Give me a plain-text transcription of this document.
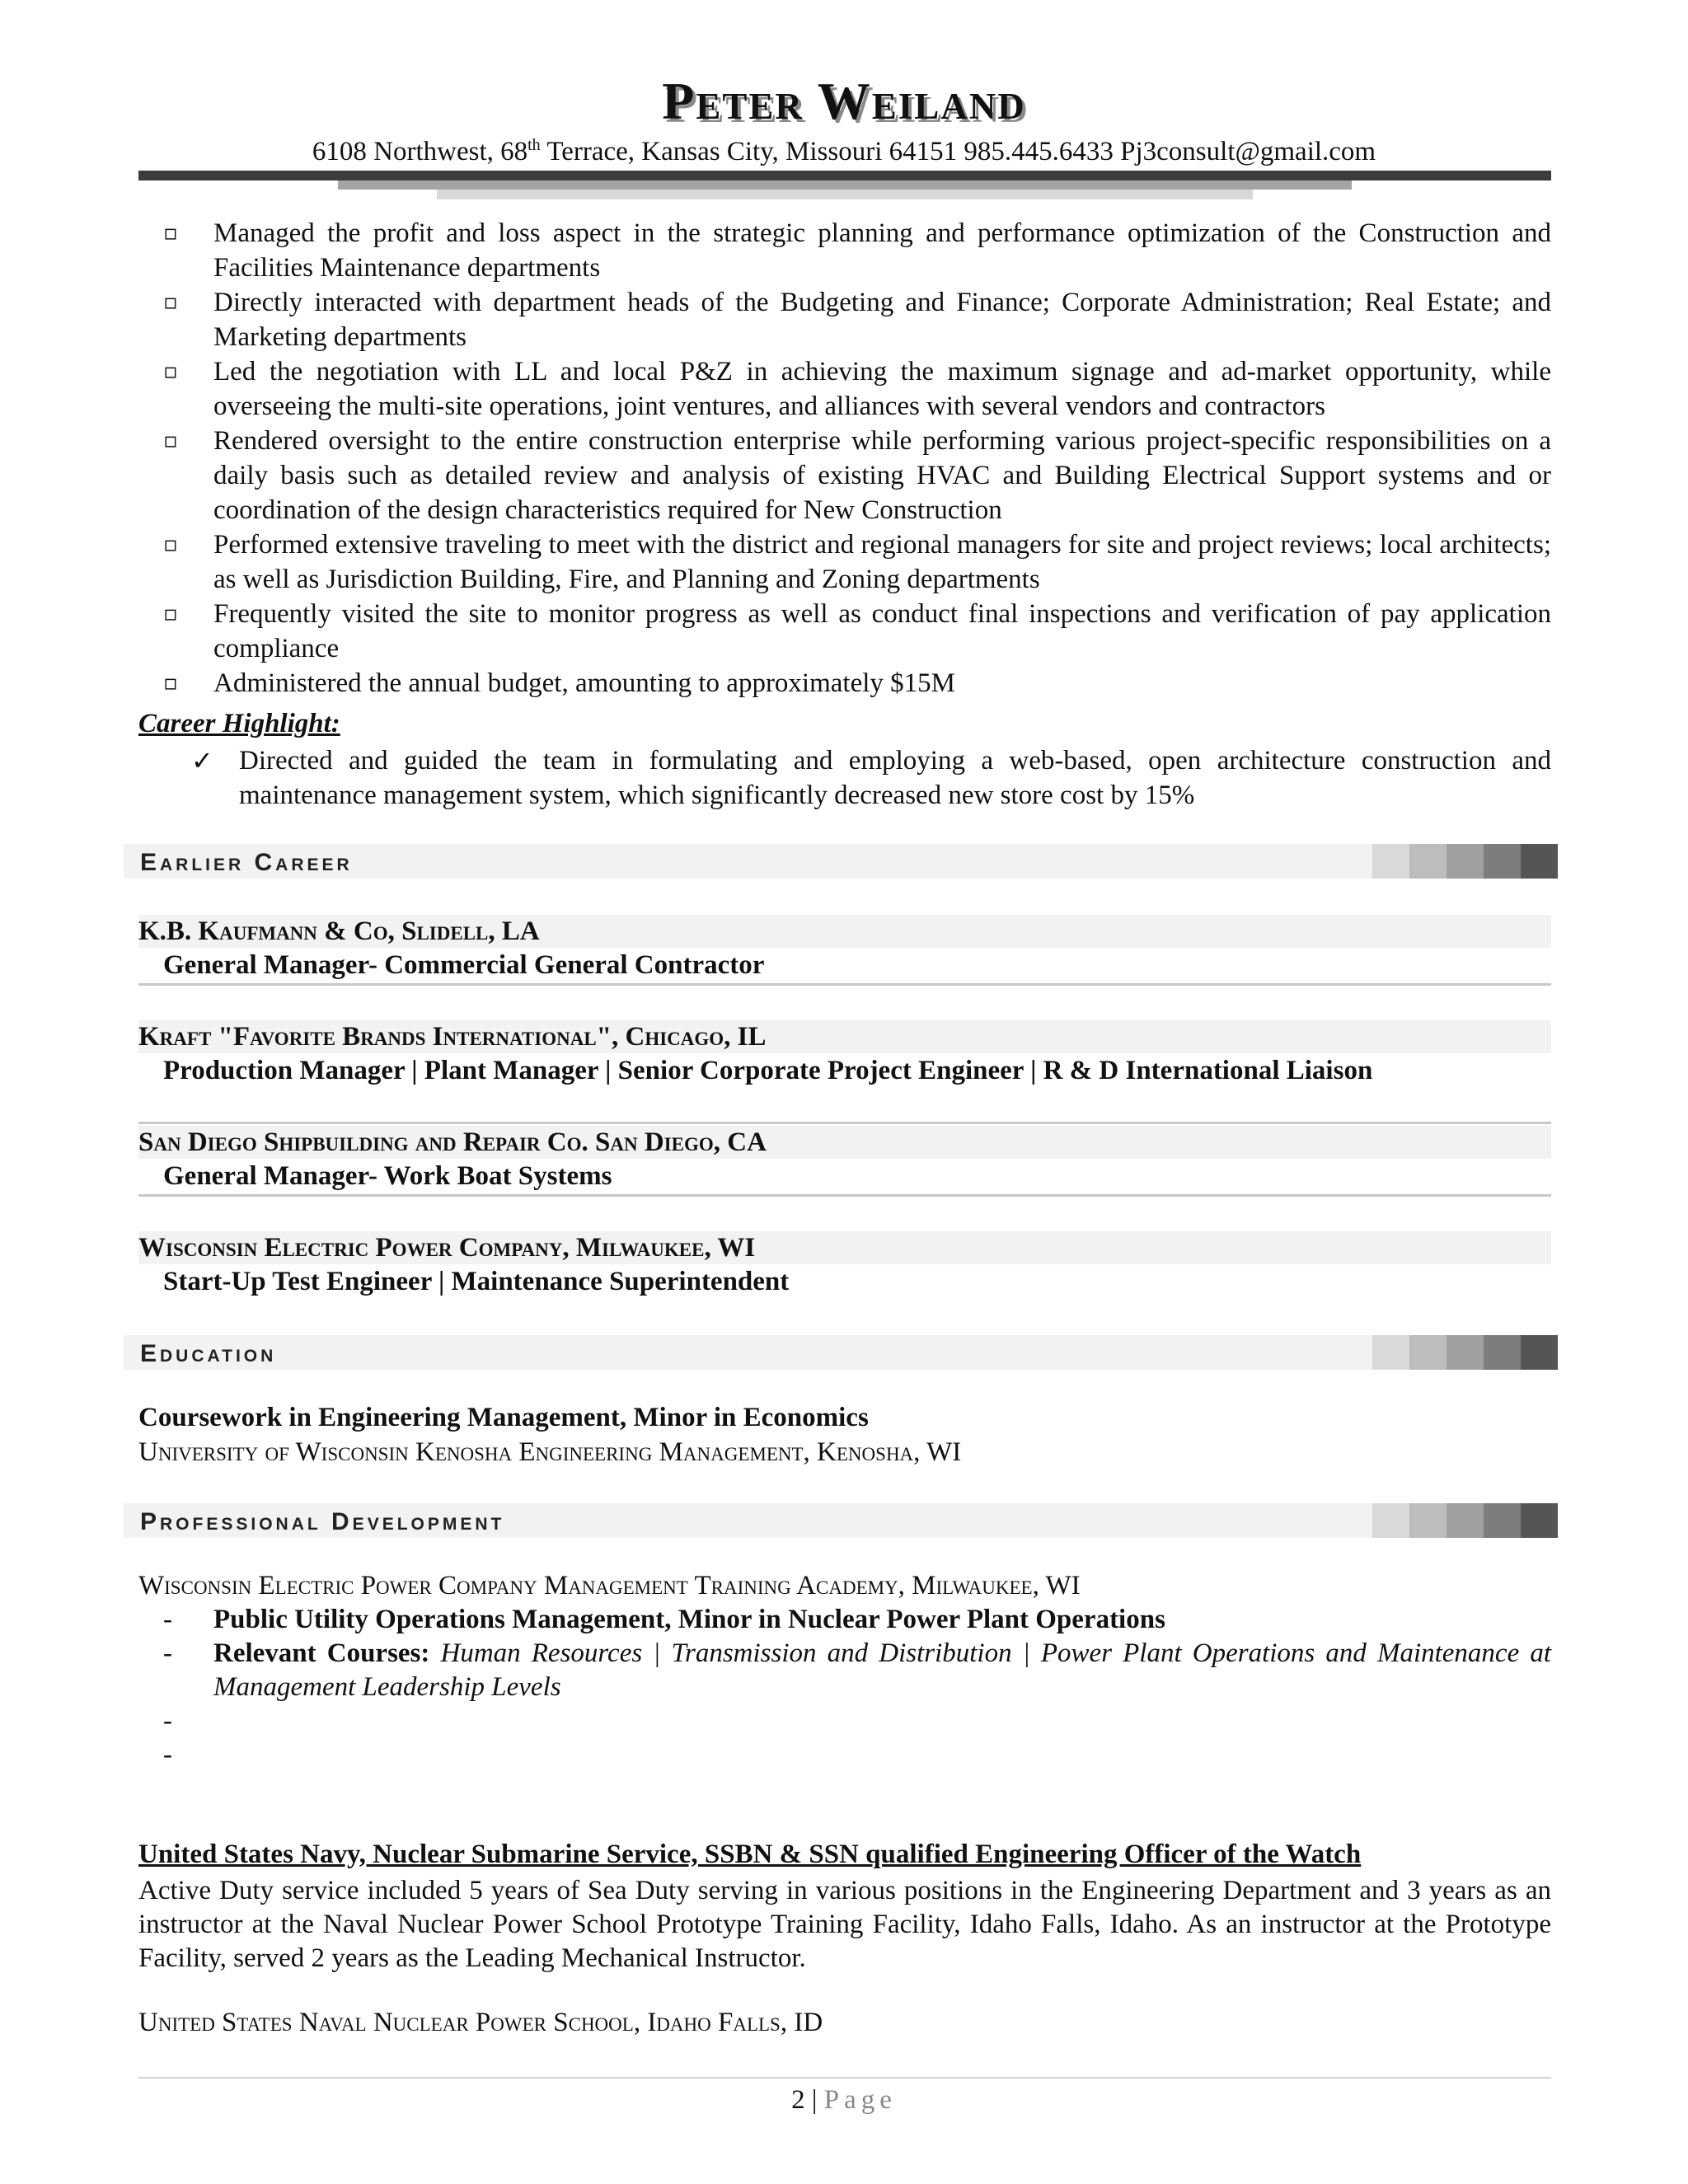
Peter Weiland
6108 Northwest, 68th Terrace, Kansas City, Missouri 64151 985.445.6433 Pj3consult@gmail.com
▫ Managed the profit and loss aspect in the strategic planning and performance optimization of the Construction and Facilities Maintenance departments
▫ Directly interacted with department heads of the Budgeting and Finance; Corporate Administration; Real Estate; and Marketing departments
▫ Led the negotiation with LL and local P&Z in achieving the maximum signage and ad-market opportunity, while overseeing the multi-site operations, joint ventures, and alliances with several vendors and contractors
▫ Rendered oversight to the entire construction enterprise while performing various project-specific responsibilities on a daily basis such as detailed review and analysis of existing HVAC and Building Electrical Support systems and or coordination of the design characteristics required for New Construction
▫ Performed extensive traveling to meet with the district and regional managers for site and project reviews; local architects; as well as Jurisdiction Building, Fire, and Planning and Zoning departments
▫ Frequently visited the site to monitor progress as well as conduct final inspections and verification of pay application compliance
▫ Administered the annual budget, amounting to approximately $15M
Career Highlight:
✓ Directed and guided the team in formulating and employing a web-based, open architecture construction and maintenance management system, which significantly decreased new store cost by 15%
Earlier Career
K.B. Kaufmann & Co, Slidell, LA
General Manager- Commercial General Contractor
Kraft "Favorite Brands International", Chicago, IL
Production Manager | Plant Manager | Senior Corporate Project Engineer | R & D International Liaison
San Diego Shipbuilding and Repair Co. San Diego, CA
General Manager- Work Boat Systems
Wisconsin Electric Power Company, Milwaukee, WI
Start-Up Test Engineer | Maintenance Superintendent
Education
Coursework in Engineering Management, Minor in Economics
University of Wisconsin Kenosha Engineering Management, Kenosha, WI
Professional Development
Wisconsin Electric Power Company Management Training Academy, Milwaukee, WI
- Public Utility Operations Management, Minor in Nuclear Power Plant Operations
- Relevant Courses: Human Resources | Transmission and Distribution | Power Plant Operations and Maintenance at Management Leadership Levels
-
-
United States Navy, Nuclear Submarine Service, SSBN & SSN qualified Engineering Officer of the Watch
Active Duty service included 5 years of Sea Duty serving in various positions in the Engineering Department and 3 years as an instructor at the Naval Nuclear Power School Prototype Training Facility, Idaho Falls, Idaho. As an instructor at the Prototype Facility, served 2 years as the Leading Mechanical Instructor.
United States Naval Nuclear Power School, Idaho Falls, ID
2 | Page
